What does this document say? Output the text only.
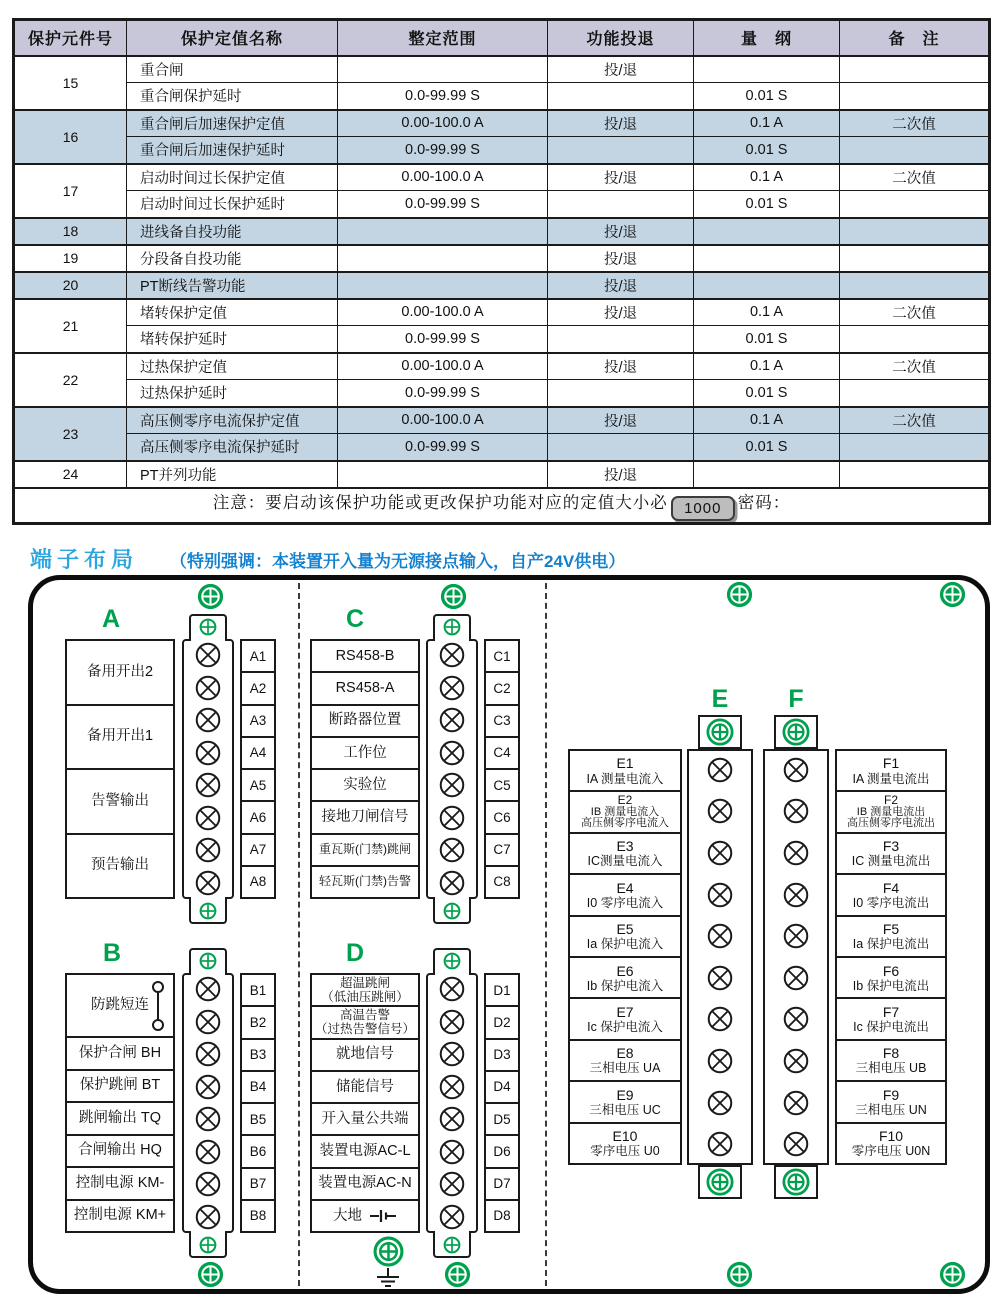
保护元件号	保护定值名称	整定范围	功能投退	量　纲	备　注
15	重合闸		投/退		
	重合闸保护延时	0.0-99.99 S		0.01 S	
16	重合闸后加速保护定值	0.00-100.0 A	投/退	0.1 A	二次值
	重合闸后加速保护延时	0.0-99.99 S		0.01 S	
17	启动时间过长保护定值	0.00-100.0 A	投/退	0.1 A	二次值
	启动时间过长保护延时	0.0-99.99 S		0.01 S	
18	进线备自投功能		投/退		
19	分段备自投功能		投/退		
20	PT断线告警功能		投/退		
21	堵转保护定值	0.00-100.0 A	投/退	0.1 A	二次值
	堵转保护延时	0.0-99.99 S		0.01 S	
22	过热保护定值	0.00-100.0 A	投/退	0.1 A	二次值
	过热保护延时	0.0-99.99 S		0.01 S	
23	高压侧零序电流保护定值	0.00-100.0 A	投/退	0.1 A	二次值
	高压侧零序电流保护延时	0.0-99.99 S		0.01 S	
24	PT并列功能		投/退		
注意：要启动该保护功能或更改保护功能对应的定值大小必 1000 密码：					
端子布局 （特别强调：本装置开入量为无源接点输入，自产24V供电）
A
备用开出2
备用开出1
告警输出
预告输出
A1
A2
A3
A4
A5
A6
A7
A8
B
防跳短连
保护合闸 BH
保护跳闸 BT
跳闸输出 TQ
合闸输出 HQ
控制电源 KM-
控制电源 KM+
B1
B2
B3
B4
B5
B6
B7
B8
C
RS458-B
RS458-A
断路器位置
工作位
实验位
接地刀闸信号
重瓦斯(门禁)跳闸
轻瓦斯(门禁)告警
C1
C2
C3
C4
C5
C6
C7
C8
D
超温跳闸
（低油压跳闸）
高温告警
（过热告警信号）
就地信号
储能信号
开入量公共端
装置电源AC-L
装置电源AC-N
大地
D1
D2
D3
D4
D5
D6
D7
D8
E
E1
IA 测量电流入
E2
IB 测量电流入
高压侧零序电流入
E3
IC测量电流入
E4
I0 零序电流入
E5
Ia 保护电流入
E6
Ib 保护电流入
E7
Ic 保护电流入
E8
三相电压 UA
E9
三相电压 UC
E10
零序电压 U0
F
F1
IA 测量电流出
F2
IB 测量电流出
高压侧零序电流出
F3
IC 测量电流出
F4
I0 零序电流出
F5
Ia 保护电流出
F6
Ib 保护电流出
F7
Ic 保护电流出
F8
三相电压 UB
F9
三相电压 UN
F10
零序电压 U0N
